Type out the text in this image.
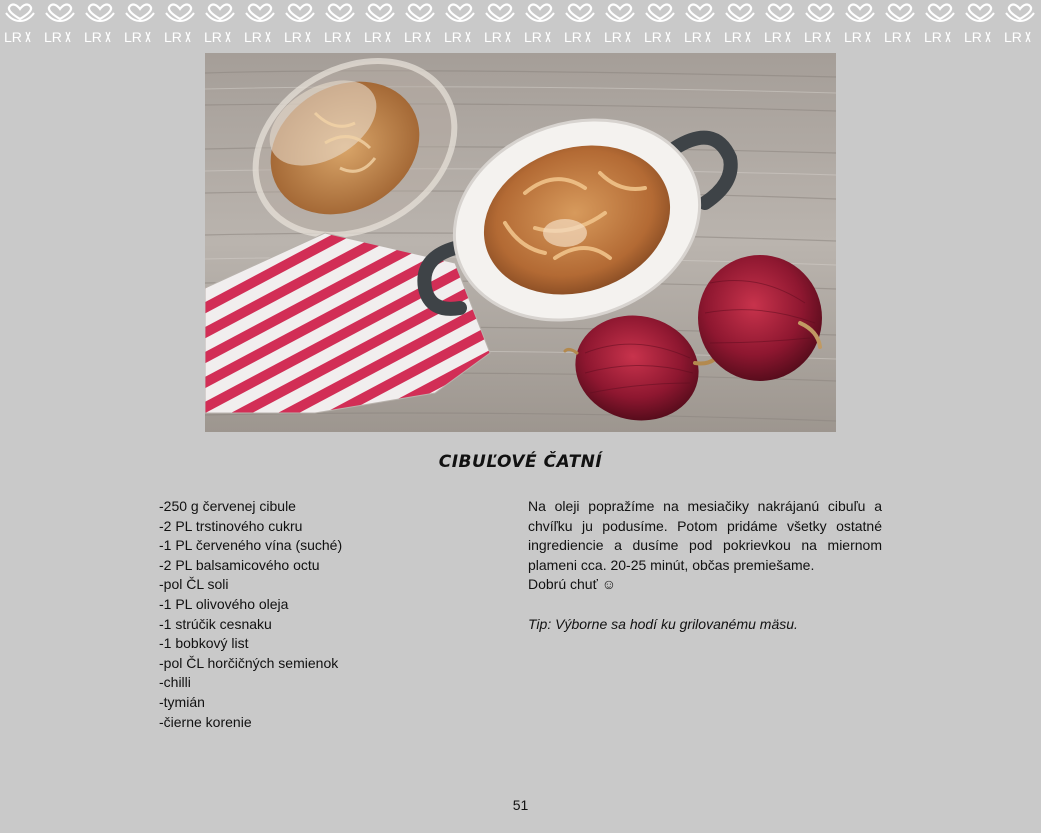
LR LR LR LR LR LR LR LR LR LR LR LR LR LR LR LR LR LR LR LR LR LR LR LR LR LR
CIBUĽOVÉ ČATNÍ
-250 g červenej cibule
-2 PL trstinového cukru
-1 PL červeného vína (suché)
-2 PL balsamicového octu
-pol ČL soli
-1 PL olivového oleja
-1 strúčik cesnaku
-1 bobkový list
-pol ČL horčičných semienok
-chilli
-tymián
-čierne korenie

Na oleji popražíme na mesiačiky nakrájanú cibuľu a chvíľku ju podusíme. Potom pridáme všetky ostatné ingrediencie a dusíme pod pokrievkou na miernom plameni cca. 20-25 minút, občas premiešame.

Dobrú chuť ☺

Tip: Výborne sa hodí ku grilovanému mäsu.

51
